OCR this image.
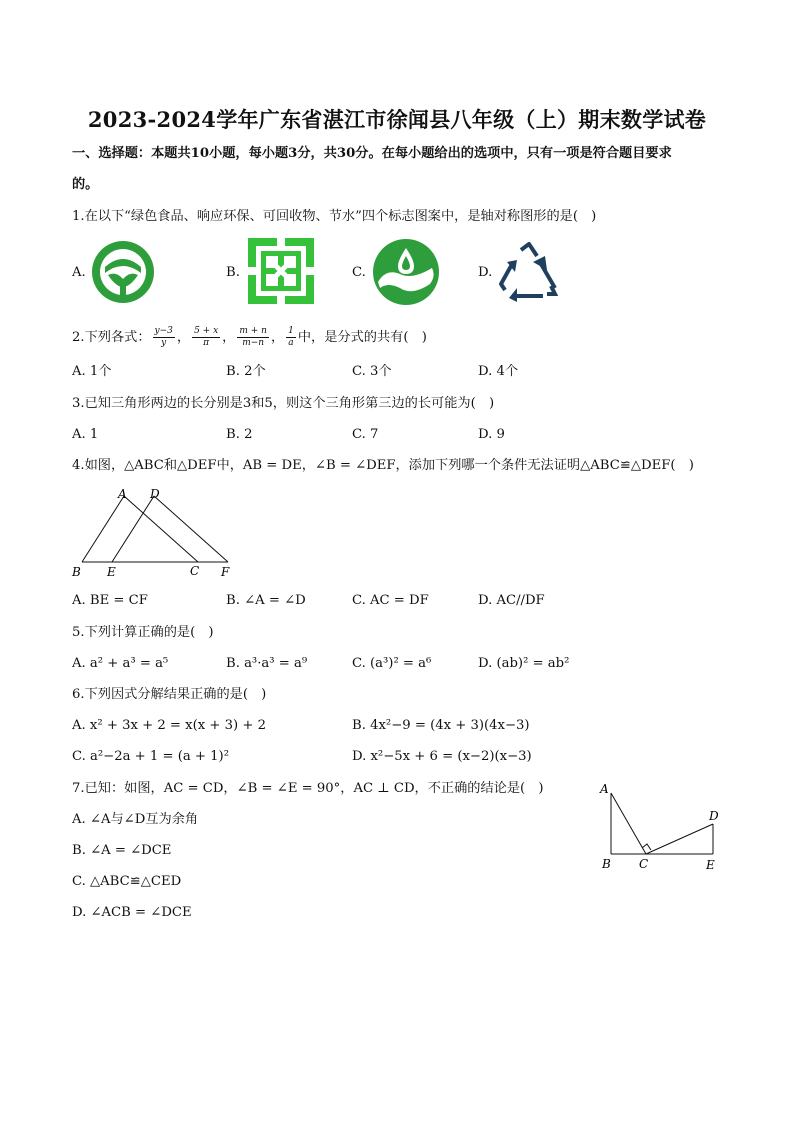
2023-2024学年广东省湛江市徐闻县八年级（上）期末数学试卷
一、选择题：本题共10小题，每小题3分，共30分。在每小题给出的选项中，只有一项是符合题目要求
的。
1.在以下“绿色食品、响应环保、可回收物、节水”四个标志图案中，是轴对称图形的是(　)
A.	B.	C.	D.
2.下列各式： $\frac{y-3}{y}$ ， $\frac{5 + x}{\pi}$ ， $\frac{m + n}{m-n}$ ， $\frac{1}{a}$ 中，是分式的共有(　)
A. 1个	B. 2个	C. 3个	D. 4个
3.已知三角形两边的长分别是3和5，则这个三角形第三边的长可能为(　)
A. 1	B. 2	C. 7	D. 9
4.如图，△ABC和△DEF中，AB = DE，∠B = ∠DEF，添加下列哪一个条件无法证明△ABC≌△DEF(　)
A D
B E	C F
A. BE = CF	B. ∠A = ∠D	C. AC = DF	D. AC//DF
5.下列计算正确的是(　)
A. a² + a³ = a⁵	B. a³·a³ = a⁹	C. (a³)² = a⁶	D. (ab)² = ab²
6.下列因式分解结果正确的是(　)
A. x² + 3x + 2 = x(x + 3) + 2	B. 4x²−9 = (4x + 3)(4x−3)
C. a²−2a + 1 = (a + 1)²	D. x²−5x + 6 = (x−2)(x−3)
7.已知：如图，AC = CD，∠B = ∠E = 90°，AC ⊥ CD，不正确的结论是(　)
A. ∠A与∠D互为余角
B. ∠A = ∠DCE
C. △ABC≌△CED
D. ∠ACB = ∠DCE
A
D
B C	E
